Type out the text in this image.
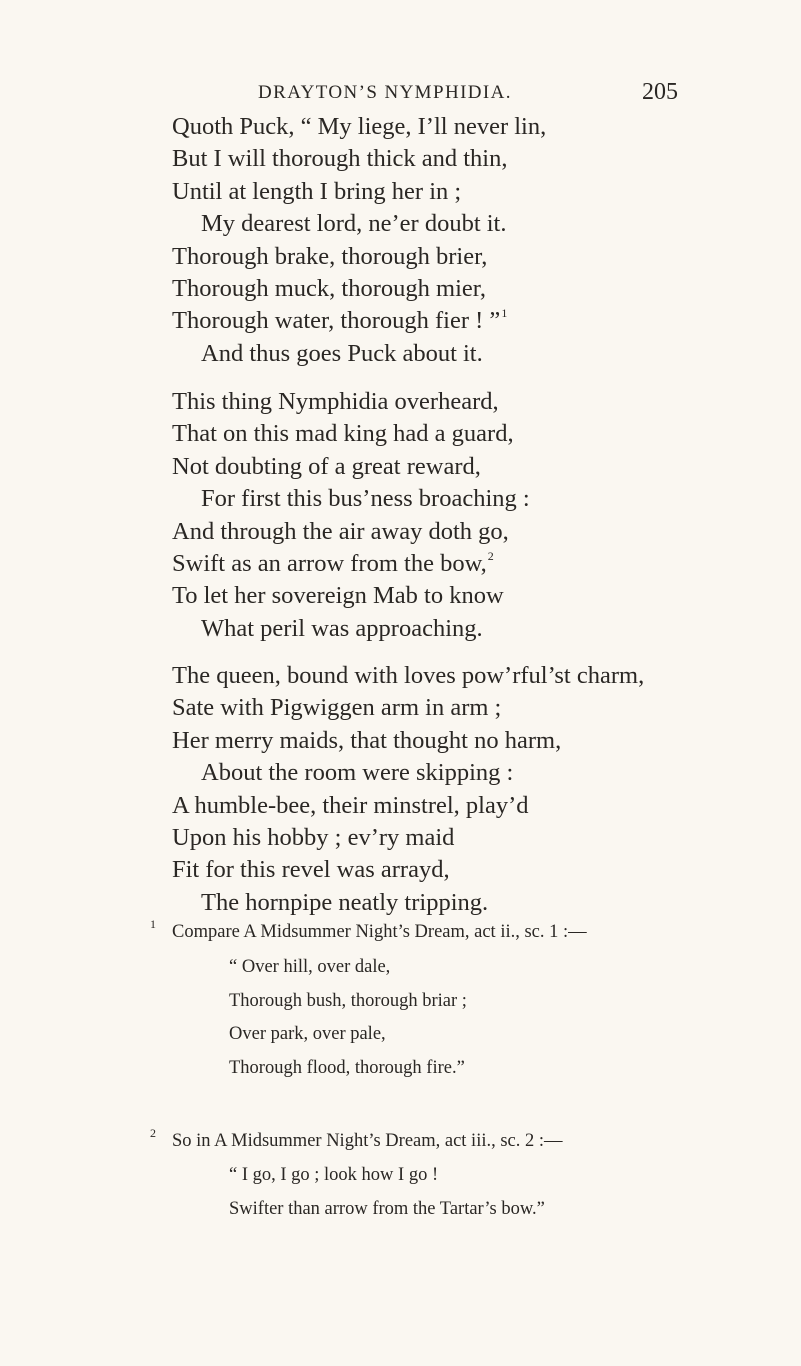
DRAYTON’S NYMPHIDIA.	205
Quoth Puck, “ My liege, I’ll never lin,
But I will thorough thick and thin,
Until at length I bring her in ;
My dearest lord, ne’er doubt it.
Thorough brake, thorough brier,
Thorough muck, thorough mier,
Thorough water, thorough fier ! ”$^1$
And thus goes Puck about it.
This thing Nymphidia overheard,
That on this mad king had a guard,
Not doubting of a great reward,
For first this bus’ness broaching :
And through the air away doth go,
Swift as an arrow from the bow,$^2$
To let her sovereign Mab to know
What peril was approaching.
The queen, bound with loves pow’rful’st charm,
Sate with Pigwiggen arm in arm ;
Her merry maids, that thought no harm,
About the room were skipping :
A humble-bee, their minstrel, play’d
Upon his hobby ; ev’ry maid
Fit for this revel was arrayd,
The hornpipe neatly tripping.
1 Compare A Midsummer Night’s Dream, act ii., sc. 1 :—
“ Over hill, over dale,
Thorough bush, thorough briar ;
Over park, over pale,
Thorough flood, thorough fire.”
2 So in A Midsummer Night’s Dream, act iii., sc. 2 :—
“ I go, I go ; look how I go !
Swifter than arrow from the Tartar’s bow.”
